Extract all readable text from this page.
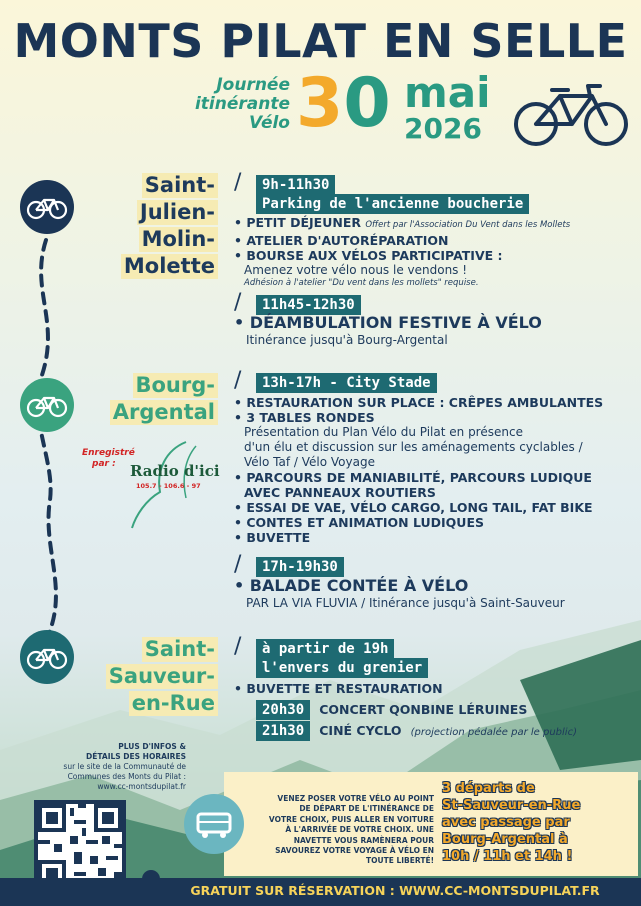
MONTS PILAT EN SELLE
Journée
itinérante
Vélo 30 mai
2026
Saint-
Julien-
Molin-
Molette
/	9h-11h30
Parking de l'ancienne boucherie
• PETIT DÉJEUNER Offert par l'Association Du Vent dans les Mollets
• ATELIER D'AUTORÉPARATION
• BOURSE AUX VÉLOS PARTICIPATIVE :
Amenez votre vélo nous le vendons !
Adhésion à l'atelier "Du vent dans les mollets" requise.
/	11h45-12h30
• DÉAMBULATION FESTIVE À VÉLO
Itinérance jusqu'à Bourg-Argental
Bourg-
Argental
/	13h-17h - City Stade
Enregistré
par : Radio d'ici
105.7 - 106.6 - 97
• RESTAURATION SUR PLACE : CRÊPES AMBULANTES
• 3 TABLES RONDES
Présentation du Plan Vélo du Pilat en présence
d'un élu et discussion sur les aménagements cyclables /
Vélo Taf / Vélo Voyage
• PARCOURS DE MANIABILITÉ, PARCOURS LUDIQUE
AVEC PANNEAUX ROUTIERS
• ESSAI DE VAE, VÉLO CARGO, LONG TAIL, FAT BIKE
• CONTES ET ANIMATION LUDIQUES
• BUVETTE
/	17h-19h30
• BALADE CONTÉE À VÉLO
PAR LA VIA FLUVIA / Itinérance jusqu'à Saint-Sauveur
Saint-
Sauveur-
en-Rue
/	à partir de 19h
l'envers du grenier
• BUVETTE ET RESTAURATION
20h30 CONCERT QONBINE LÉRUINES
21h30 CINÉ CYCLO (projection pédalée par le public)
PLUS D'INFOS &
DÉTAILS DES HORAIRES
sur le site de la Communauté de
Communes des Monts du Pilat :
www.cc-montsdupilat.fr
VENEZ POSER VOTRE VÉLO AU POINT
DE DÉPART DE L'ITINÉRANCE DE
VOTRE CHOIX, PUIS ALLER EN VOITURE
À L'ARRIVÉE DE VOTRE CHOIX. UNE
NAVETTE VOUS RAMÈNERA POUR
SAVOUREZ VOTRE VOYAGE À VÉLO EN
TOUTE LIBERTÉ!
3 départs de
St-Sauveur-en-Rue
avec passage par
Bourg-Argental à
10h / 11h et 14h !
GRATUIT SUR RÉSERVATION : WWW.CC-MONTSDUPILAT.FR
